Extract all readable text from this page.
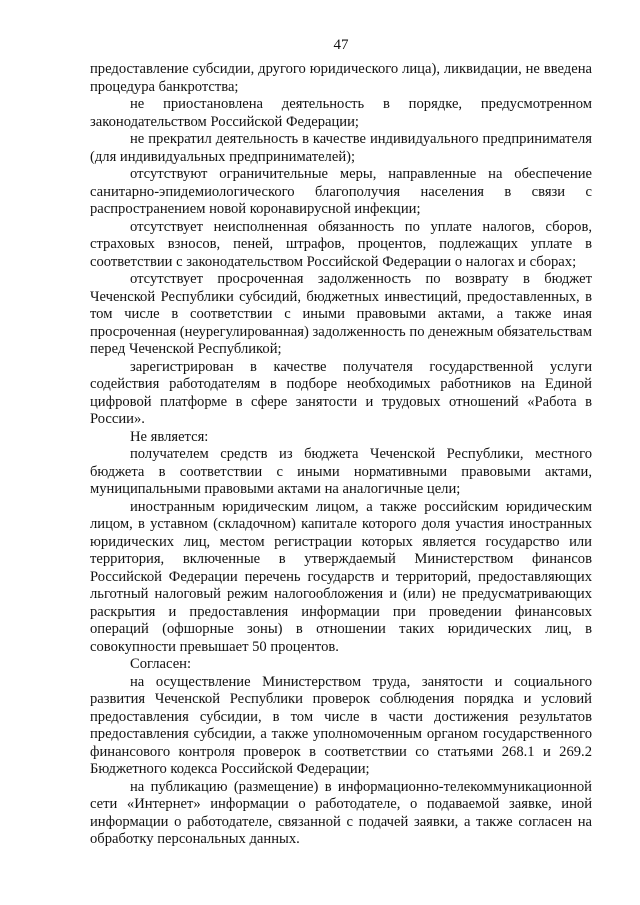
47

предоставление субсидии, другого юридического лица), ликвидации, не введена процедура банкротства;

не приостановлена деятельность в порядке, предусмотренном законодательством Российской Федерации;

не прекратил деятельность в качестве индивидуального предпринимателя (для индивидуальных предпринимателей);

отсутствуют ограничительные меры, направленные на обеспечение санитарно-эпидемиологического благополучия населения в связи с распространением новой коронавирусной инфекции;

отсутствует неисполненная обязанность по уплате налогов, сборов, страховых взносов, пеней, штрафов, процентов, подлежащих уплате в соответствии с законодательством Российской Федерации о налогах и сборах;

отсутствует просроченная задолженность по возврату в бюджет Чеченской Республики субсидий, бюджетных инвестиций, предоставленных, в том числе в соответствии с иными правовыми актами, а также иная просроченная (неурегулированная) задолженность по денежным обязательствам перед Чеченской Республикой;

зарегистрирован в качестве получателя государственной услуги содействия работодателям в подборе необходимых работников на Единой цифровой платформе в сфере занятости и трудовых отношений «Работа в России».

Не является:

получателем средств из бюджета Чеченской Республики, местного бюджета в соответствии с иными нормативными правовыми актами, муниципальными правовыми актами на аналогичные цели;

иностранным юридическим лицом, а также российским юридическим лицом, в уставном (складочном) капитале которого доля участия иностранных юридических лиц, местом регистрации которых является государство или территория, включенные в утверждаемый Министерством финансов Российской Федерации перечень государств и территорий, предоставляющих льготный налоговый режим налогообложения и (или) не предусматривающих раскрытия и предоставления информации при проведении финансовых операций (офшорные зоны) в отношении таких юридических лиц, в совокупности превышает 50 процентов.

Согласен:

на осуществление Министерством труда, занятости и социального развития Чеченской Республики проверок соблюдения порядка и условий предоставления субсидии, в том числе в части достижения результатов предоставления субсидии, а также уполномоченным органом государственного финансового контроля проверок в соответствии со статьями 268.1 и 269.2 Бюджетного кодекса Российской Федерации;

на публикацию (размещение) в информационно-телекоммуникационной сети «Интернет» информации о работодателе, о подаваемой заявке, иной информации о работодателе, связанной с подачей заявки, а также согласен на обработку персональных данных.
